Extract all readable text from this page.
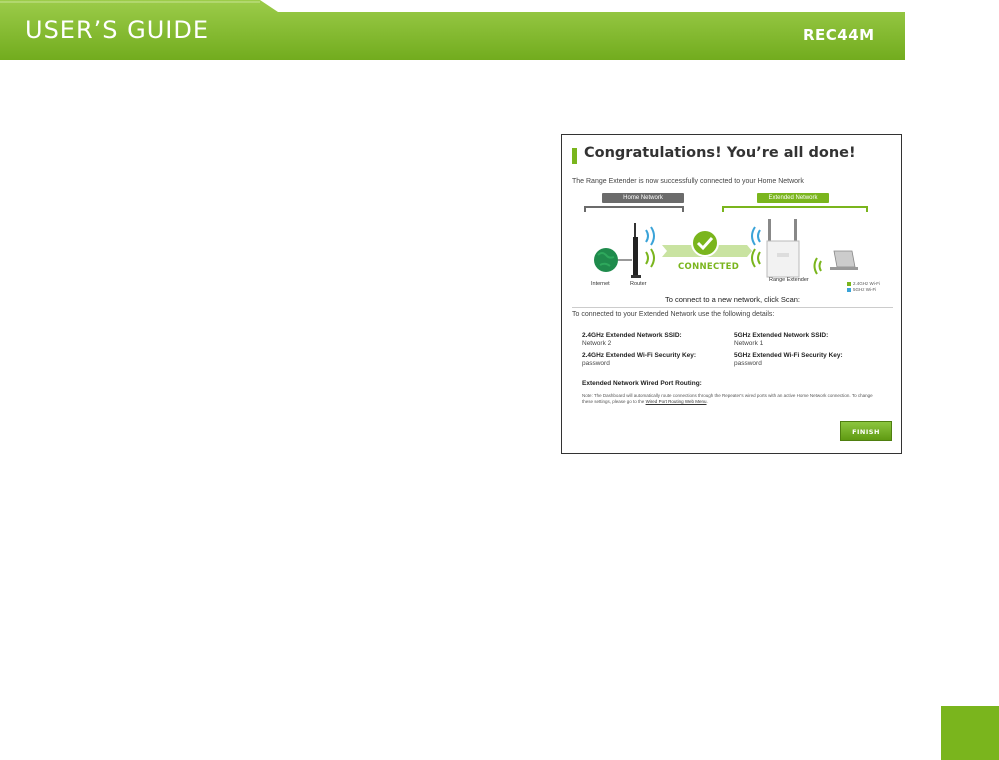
USER’S GUIDE	REC44M
Congratulations! You’re all done!
The Range Extender is now successfully connected to your Home Network
Home Network	Extended Network
Internet	Router
CONNECTED
Range Extender
2.4GHz Wi-Fi
5GHz Wi-Fi
To connect to a new network, click Scan:
To connected to your Extended Network use the following details:
2.4GHz Extended Network SSID:
Network 2
2.4GHz Extended Wi-Fi Security Key:
password
5GHz Extended Network SSID:
Network 1
5GHz Extended Wi-Fi Security Key:
password
Extended Network Wired Port Routing:
Note: The Dashboard will automatically route connections through the Repeater's wired ports with an active Home Network connection. To change these settings, please go to the Wired Port Routing Web Menu.
FINISH
